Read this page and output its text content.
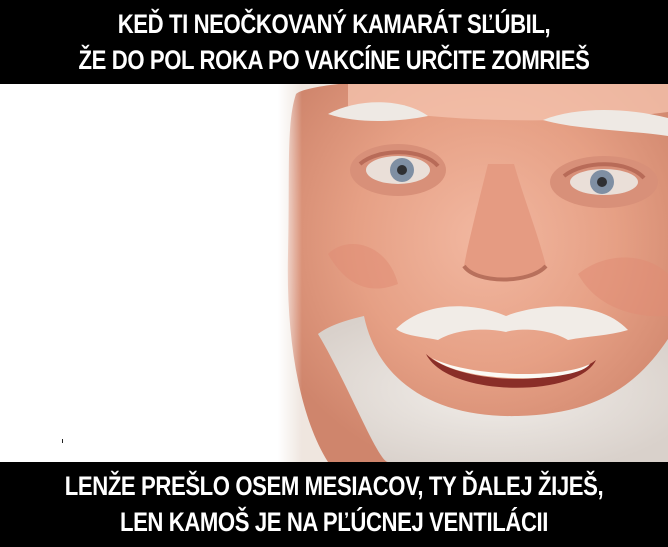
KEĎ TI NEOČKOVANÝ KAMARÁT SĽÚBIL,
ŽE DO POL ROKA PO VAKCÍNE URČITE ZOMRIEŠ
LENŽE PREŠLO OSEM MESIACOV, TY ĎALEJ ŽIJEŠ,
LEN KAMOŠ JE NA PĽÚCNEJ VENTILÁCII
